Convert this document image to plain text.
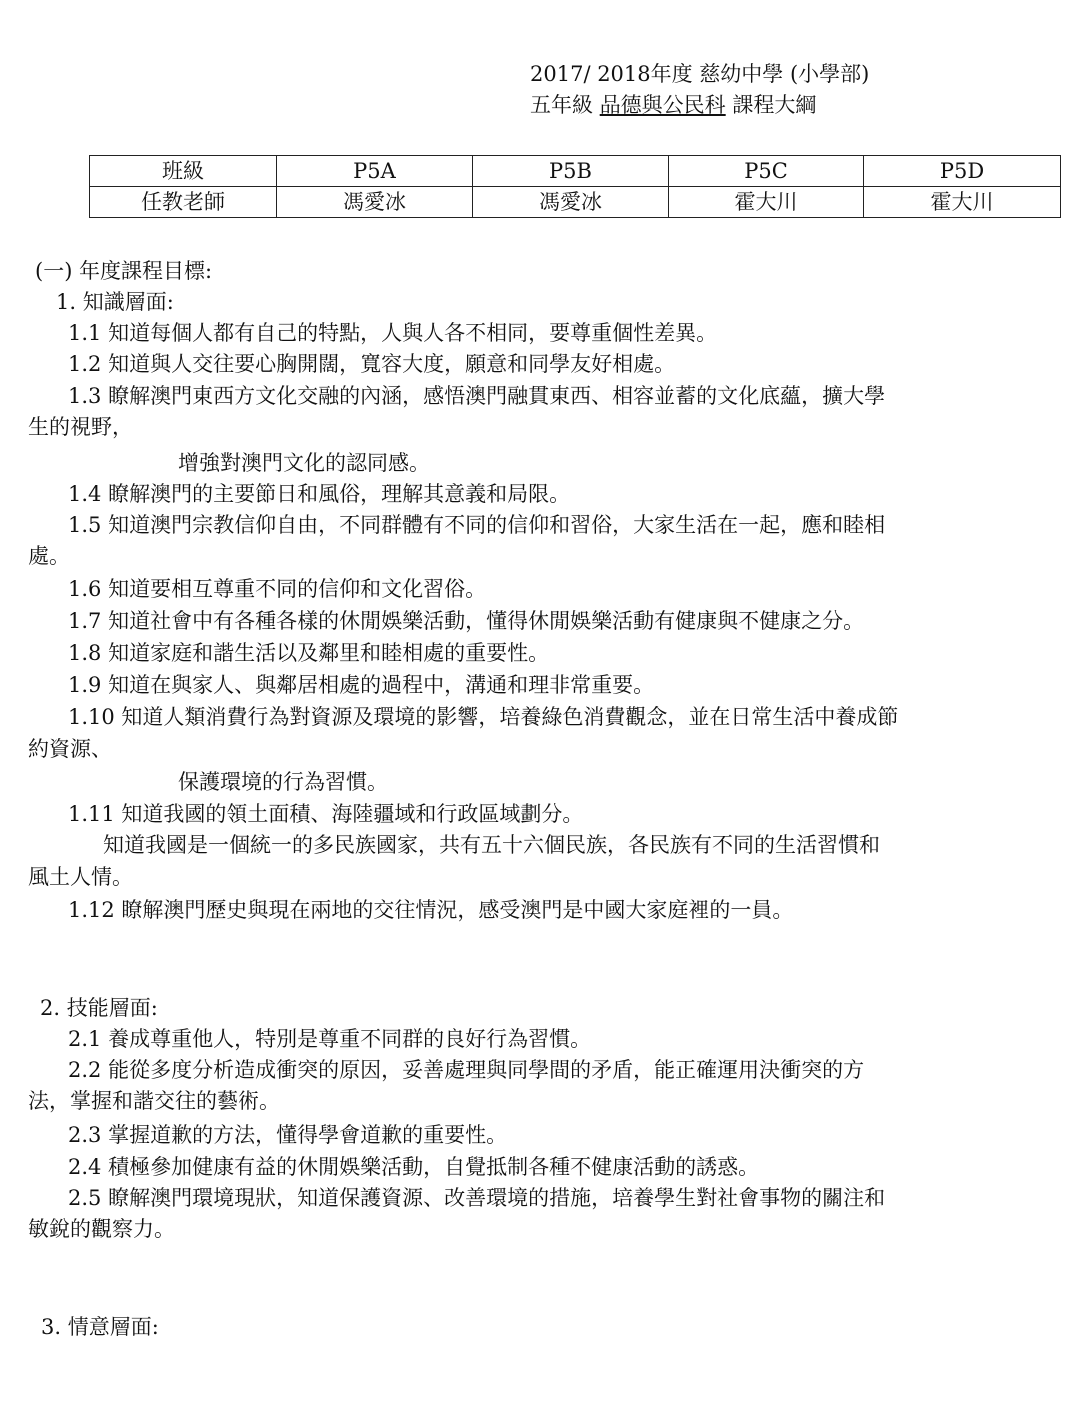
2017/ 2018年度 慈幼中學 (小學部)
五年級 品德與公民科 課程大綱
班級	P5A	P5B	P5C	P5D
任教老師	馮愛冰	馮愛冰	霍大川	霍大川
(一) 年度課程目標:
1. 知識層面:
1.1 知道每個人都有自己的特點，人與人各不相同，要尊重個性差異。
1.2 知道與人交往要心胸開闊，寬容大度，願意和同學友好相處。
1.3 瞭解澳門東西方文化交融的內涵，感悟澳門融貫東西、相容並蓄的文化底蘊，擴大學
生的視野，
增強對澳門文化的認同感。
1.4 瞭解澳門的主要節日和風俗，理解其意義和局限。
1.5 知道澳門宗教信仰自由，不同群體有不同的信仰和習俗，大家生活在一起，應和睦相
處。
1.6 知道要相互尊重不同的信仰和文化習俗。
1.7 知道社會中有各種各樣的休閒娛樂活動，懂得休閒娛樂活動有健康與不健康之分。
1.8 知道家庭和諧生活以及鄰里和睦相處的重要性。
1.9 知道在與家人、與鄰居相處的過程中，溝通和理非常重要。
1.10 知道人類消費行為對資源及環境的影響，培養綠色消費觀念，並在日常生活中養成節
約資源、
保護環境的行為習慣。
1.11 知道我國的領土面積、海陸疆域和行政區域劃分。
知道我國是一個統一的多民族國家，共有五十六個民族，各民族有不同的生活習慣和
風土人情。
1.12 瞭解澳門歷史與現在兩地的交往情況，感受澳門是中國大家庭裡的一員。
2. 技能層面:
2.1 養成尊重他人，特別是尊重不同群的良好行為習慣。
2.2 能從多度分析造成衝突的原因，妥善處理與同學間的矛盾，能正確運用決衝突的方
法，掌握和諧交往的藝術。
2.3 掌握道歉的方法，懂得學會道歉的重要性。
2.4 積極參加健康有益的休閒娛樂活動，自覺抵制各種不健康活動的誘惑。
2.5 瞭解澳門環境現狀，知道保護資源、改善環境的措施，培養學生對社會事物的關注和
敏銳的觀察力。
3. 情意層面:
